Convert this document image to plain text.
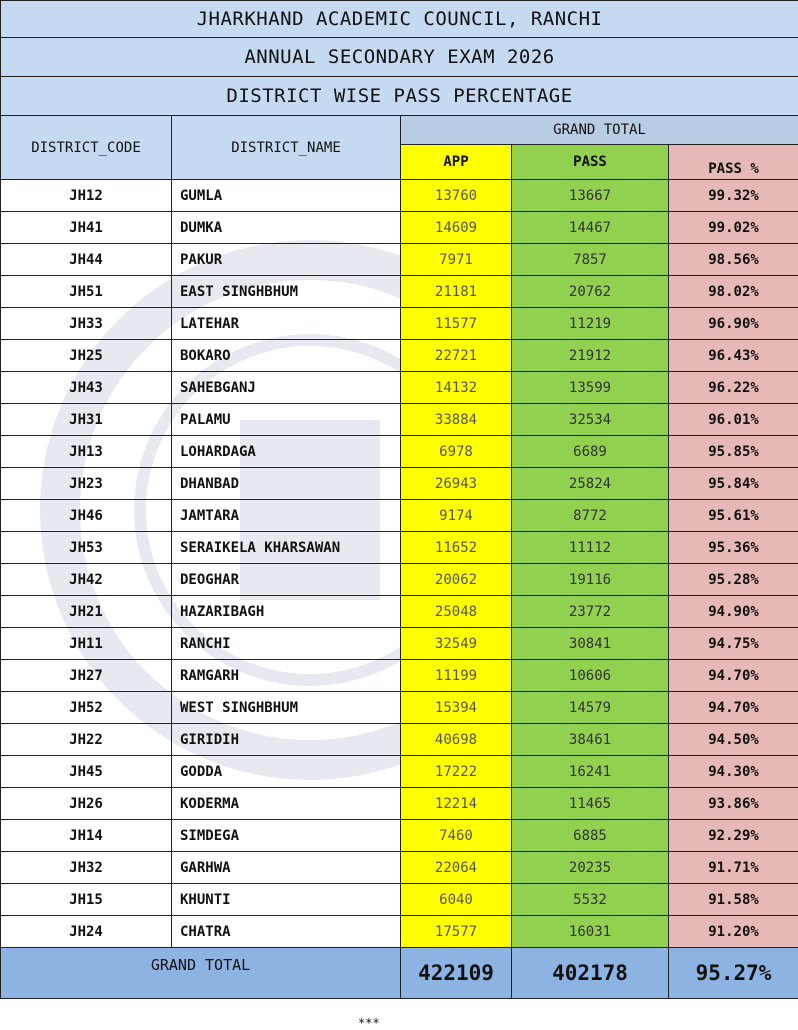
JHARKHAND ACADEMIC COUNCIL, RANCHI				
ANNUAL SECONDARY EXAM 2026				
DISTRICT WISE PASS PERCENTAGE				
DISTRICT_CODE	DISTRICT_NAME	GRAND TOTAL		
		APP	PASS	PASS %
JH12	GUMLA	13760	13667	99.32%
JH41	DUMKA	14609	14467	99.02%
JH44	PAKUR	7971	7857	98.56%
JH51	EAST SINGHBHUM	21181	20762	98.02%
JH33	LATEHAR	11577	11219	96.90%
JH25	BOKARO	22721	21912	96.43%
JH43	SAHEBGANJ	14132	13599	96.22%
JH31	PALAMU	33884	32534	96.01%
JH13	LOHARDAGA	6978	6689	95.85%
JH23	DHANBAD	26943	25824	95.84%
JH46	JAMTARA	9174	8772	95.61%
JH53	SERAIKELA KHARSAWAN	11652	11112	95.36%
JH42	DEOGHAR	20062	19116	95.28%
JH21	HAZARIBAGH	25048	23772	94.90%
JH11	RANCHI	32549	30841	94.75%
JH27	RAMGARH	11199	10606	94.70%
JH52	WEST SINGHBHUM	15394	14579	94.70%
JH22	GIRIDIH	40698	38461	94.50%
JH45	GODDA	17222	16241	94.30%
JH26	KODERMA	12214	11465	93.86%
JH14	SIMDEGA	7460	6885	92.29%
JH32	GARHWA	22064	20235	91.71%
JH15	KHUNTI	6040	5532	91.58%
JH24	CHATRA	17577	16031	91.20%
GRAND TOTAL		422109	402178	95.27%
***
